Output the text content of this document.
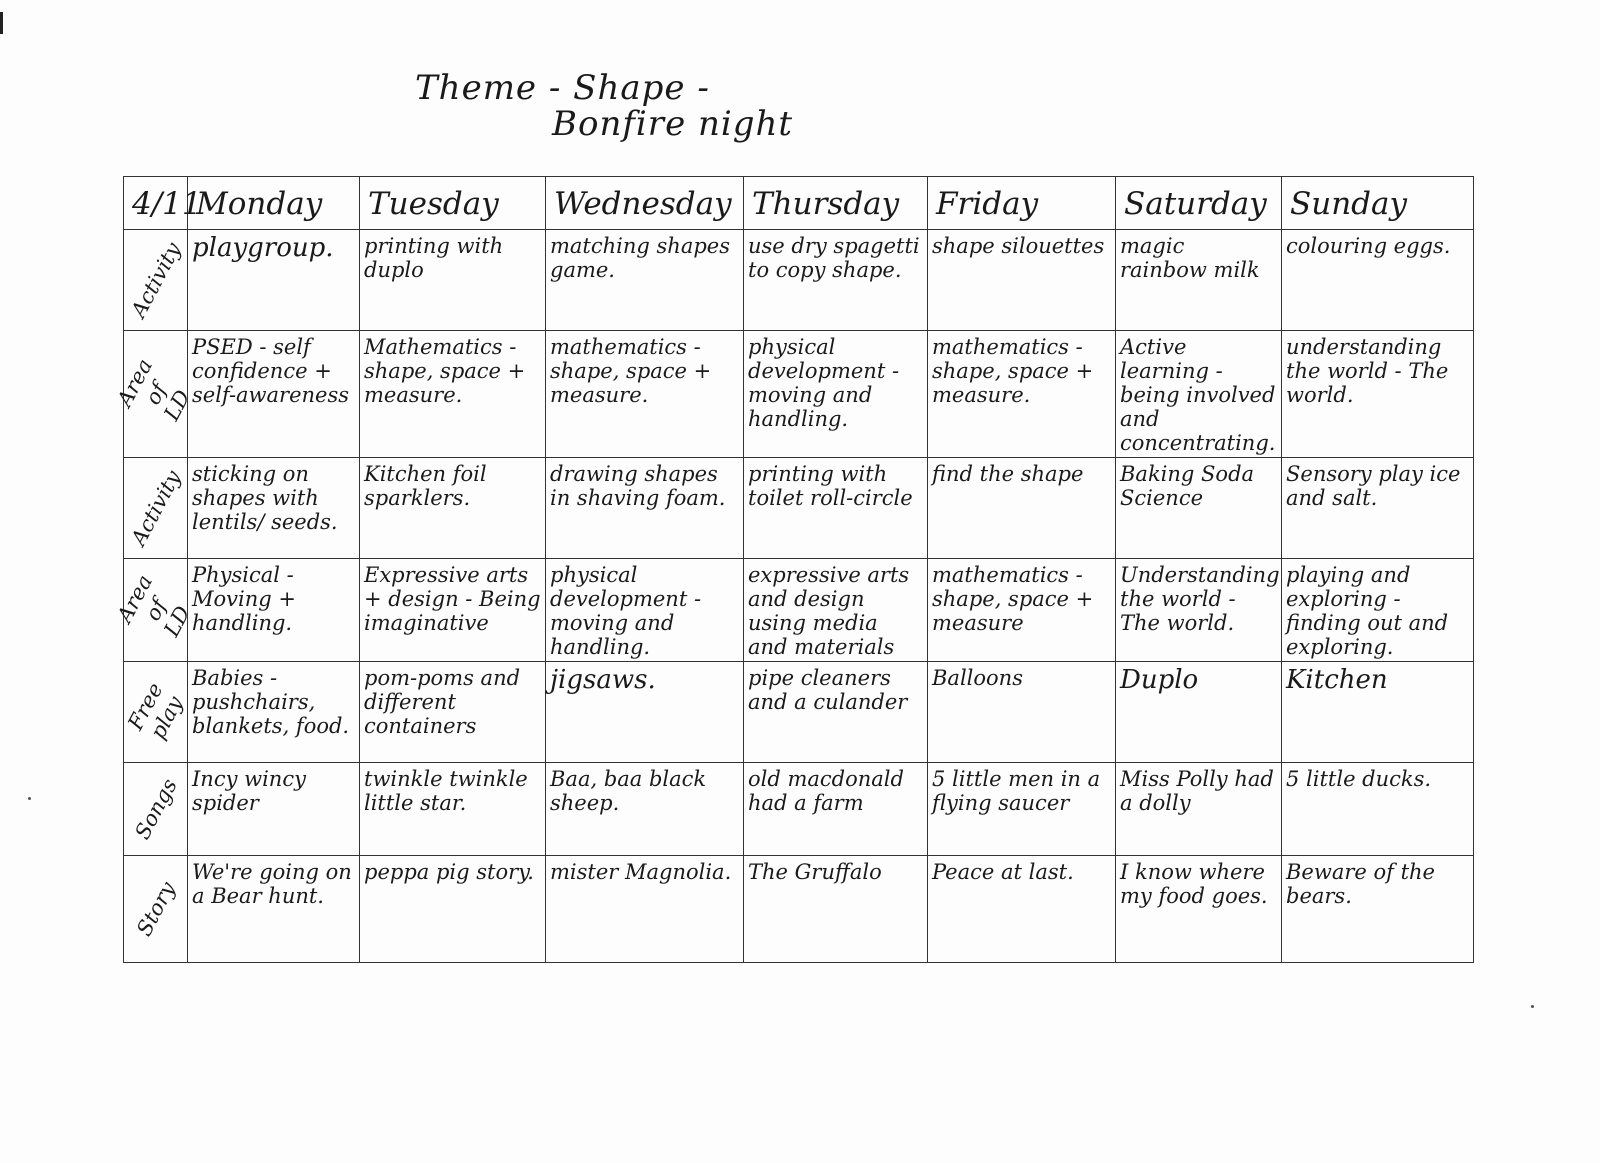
Theme - Shape -
Bonfire night
4/11	Monday	Tuesday	Wednesday	Thursday	Friday	Saturday	Sunday

Activity	playgroup.	printing with duplo	matching shapes game.	use dry spagetti to copy shape.	shape silouettes	magic rainbow milk	colouring eggs.

Area of LD	PSED - self confidence + self-awareness	Mathematics - shape, space + measure.	mathematics - shape, space + measure.	physical development - moving and handling.	mathematics - shape, space + measure.	Active learning - being involved and concentrating.	understanding the world - The world.

Activity	sticking on shapes with lentils/ seeds.	Kitchen foil sparklers.	drawing shapes in shaving foam.	printing with toilet roll-circle	find the shape	Baking Soda Science	Sensory play ice and salt.

Area of LD	Physical - Moving + handling.	Expressive arts + design - Being imaginative	physical development - moving and handling.	expressive arts and design using media and materials	mathematics - shape, space + measure	Understanding the world - The world.	playing and exploring - finding out and exploring.

Free play	Babies - pushchairs, blankets, food.	pom-poms and different containers	jigsaws.	pipe cleaners and a culander	Balloons	Duplo	Kitchen

Songs	Incy wincy spider	twinkle twinkle little star.	Baa, baa black sheep.	old macdonald had a farm	5 little men in a flying saucer	Miss Polly had a dolly	5 little ducks.

Story	We're going on a Bear hunt.	peppa pig story.	mister Magnolia.	The Gruffalo	Peace at last.	I know where my food goes.	Beware of the bears.
